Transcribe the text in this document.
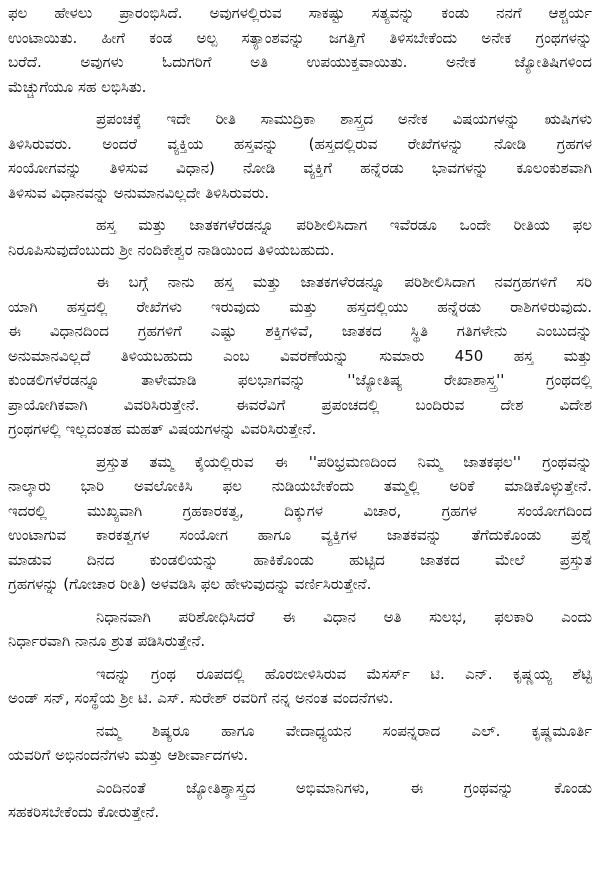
ಫಲ ಹೇಳಲು ಪ್ರಾರಂಭಿಸಿದೆ. ಅವುಗಳಲ್ಲಿರುವ ಸಾಕಷ್ಟು ಸತ್ಯವನ್ನು ಕಂಡು ನನಗೆ ಆಶ್ಚರ್ಯ
ಉಂಟಾಯಿತು. ಹೀಗೆ ಕಂಡ ಅಲ್ಪ ಸತ್ಯಾಂಶವನ್ನು ಜಗತ್ತಿಗೆ ತಿಳಿಸಬೇಕೆಂದು ಅನೇಕ ಗ್ರಂಥಗಳನ್ನು
ಬರೆದೆ. ಅವುಗಳು ಓದುಗರಿಗೆ ಅತಿ ಉಪಯುಕ್ತವಾಯಿತು. ಅನೇಕ ಜ್ಯೋತಿಷಿಗಳಿಂದ
ಮೆಚ್ಚುಗೆಯೂ ಸಹ ಲಭಿಸಿತು.
ಪ್ರಪಂಚಕ್ಕೆ ಇದೇ ರೀತಿ ಸಾಮುದ್ರಿಕಾ ಶಾಸ್ತ್ರದ ಅನೇಕ ವಿಷಯಗಳನ್ನು ಋಷಿಗಳು
ತಿಳಿಸಿರುವರು. ಅಂದರೆ ವ್ಯಕ್ತಿಯ ಹಸ್ತವನ್ನು (ಹಸ್ತದಲ್ಲಿರುವ ರೇಖೆಗಳನ್ನು ನೋಡಿ ಗ್ರಹಗಳ
ಸಂಯೋಗವನ್ನು ತಿಳಿಸುವ ವಿಧಾನ) ನೋಡಿ ವ್ಯಕ್ತಿಗೆ ಹನ್ನೆರಡು ಭಾವಗಳನ್ನು ಕೂಲಂಕುಶವಾಗಿ
ತಿಳಿಸುವ ವಿಧಾನವನ್ನು ಅನುಮಾನವಿಲ್ಲದೇ ತಿಳಿಸಿರುವರು.
ಹಸ್ತ ಮತ್ತು ಜಾತಕಗಳೆರಡನ್ನೂ ಪರಿಶೀಲಿಸಿದಾಗ ಇವೆರಡೂ ಒಂದೇ ರೀತಿಯ ಫಲ
ನಿರೂಪಿಸುವುದೆಂಬುದು ಶ್ರೀ ನಂದಿಕೇಶ್ವರ ನಾಡಿಯಿಂದ ತಿಳಿಯಬಹುದು.
ಈ ಬಗ್ಗೆ ನಾನು ಹಸ್ತ ಮತ್ತು ಜಾತಕಗಳೆರಡನ್ನೂ ಪರಿಶೀಲಿಸಿದಾಗ ನವಗ್ರಹಗಳಿಗೆ ಸರಿ
ಯಾಗಿ ಹಸ್ತದಲ್ಲಿ ರೇಖೆಗಳು ಇರುವುದು ಮತ್ತು ಹಸ್ತದಲ್ಲಿಯು ಹನ್ನೆರಡು ರಾಶಿಗಳಿರುವುದು.
ಈ ವಿಧಾನದಿಂದ ಗ್ರಹಗಳಿಗೆ ಎಷ್ಟು ಶಕ್ತಿಗಳಿವೆ, ಜಾತಕದ ಸ್ಥಿತಿ ಗತಿಗಳೇನು ಎಂಬುದನ್ನು
ಅನುಮಾನವಿಲ್ಲದೆ ತಿಳಿಯಬಹುದು ಎಂಬ ವಿವರಣೆಯನ್ನು ಸುಮಾರು 450 ಹಸ್ತ ಮತ್ತು
ಕುಂಡಲಿಗಳೆರಡನ್ನೂ ತಾಳೇಮಾಡಿ ಫಲಭಾಗವನ್ನು ''ಜ್ಯೋತಿಷ್ಯ ರೇಖಾಶಾಸ್ತ್ರ'' ಗ್ರಂಥದಲ್ಲಿ
ಪ್ರಾಯೋಗಿಕವಾಗಿ ವಿವರಿಸಿರುತ್ತೇನೆ. ಈವರೆವಿಗೆ ಪ್ರಪಂಚದಲ್ಲಿ ಬಂದಿರುವ ದೇಶ ವಿದೇಶ
ಗ್ರಂಥಗಳಲ್ಲಿ ಇಲ್ಲದಂತಹ ಮಹತ್ ವಿಷಯಗಳನ್ನು ವಿವರಿಸಿರುತ್ತೇನೆ.
ಪ್ರಸ್ತುತ ತಮ್ಮ ಕೈಯಲ್ಲಿರುವ ಈ ''ಪರಿಭ್ರಮಣದಿಂದ ನಿಮ್ಮ ಜಾತಕಫಲ'' ಗ್ರಂಥವನ್ನು
ನಾಲ್ಕಾರು ಭಾರಿ ಅವಲೋಕಿಸಿ ಫಲ ನುಡಿಯಬೇಕೆಂದು ತಮ್ಮಲ್ಲಿ ಅರಿಕೆ ಮಾಡಿಕೊಳ್ಳುತ್ತೇನೆ.
ಇದರಲ್ಲಿ ಮುಖ್ಯವಾಗಿ ಗ್ರಹಕಾರಕತ್ವ, ದಿಕ್ಕುಗಳ ವಿಚಾರ, ಗ್ರಹಗಳ ಸಂಯೋಗದಿಂದ
ಉಂಟಾಗುವ ಕಾರಕತ್ವಗಳ ಸಂಯೋಗ ಹಾಗೂ ವ್ಯಕ್ತಿಗಳ ಜಾತಕವನ್ನು ತೆಗೆದುಕೊಂಡು ಪ್ರಶ್ನೆ
ಮಾಡುವ ದಿನದ ಕುಂಡಲಿಯನ್ನು ಹಾಕಿಕೊಂಡು ಹುಟ್ಟಿದ ಜಾತಕದ ಮೇಲೆ ಪ್ರಸ್ತುತ
ಗ್ರಹಗಳನ್ನು (ಗೋಚಾರ ರೀತಿ) ಅಳವಡಿಸಿ ಫಲ ಹೇಳುವುದನ್ನು ವರ್ಣಿಸಿರುತ್ತೇನೆ.
ನಿಧಾನವಾಗಿ ಪರಿಶೋಧಿಸಿದರೆ ಈ ವಿಧಾನ ಅತಿ ಸುಲಭ, ಫಲಕಾರಿ ಎಂದು
ನಿರ್ಧಾರವಾಗಿ ನಾನೂ ಶ್ರುತ ಪಡಿಸಿರುತ್ತೇನೆ.
ಇದನ್ನು ಗ್ರಂಥ ರೂಪದಲ್ಲಿ ಹೊರಬೀಳಿಸಿರುವ ಮೆಸರ್ಸ್ ಟಿ. ಎನ್. ಕೃಷ್ಣಯ್ಯ ಶೆಟ್ಟಿ
ಅಂಡ್ ಸನ್, ಸಂಸ್ಥೆಯ ಶ್ರೀ ಟಿ. ಎಸ್. ಸುರೇಶ್ ರವರಿಗೆ ನನ್ನ ಅನಂತ ವಂದನೆಗಳು.
ನಮ್ಮ ಶಿಷ್ಯರೂ ಹಾಗೂ ವೇದಾಧ್ಯಯನ ಸಂಪನ್ನರಾದ ಎಲ್. ಕೃಷ್ಣಮೂರ್ತಿ
ಯವರಿಗೆ ಅಭಿನಂದನೆಗಳು ಮತ್ತು ಆಶೀರ್ವಾದಗಳು.
ಎಂದಿನಂತೆ ಜ್ಯೋತಿಶ್ಶಾಸ್ತ್ರದ ಅಭಿಮಾನಿಗಳು, ಈ ಗ್ರಂಥವನ್ನು ಕೊಂಡು
ಸಹಕರಿಸಬೇಕೆಂದು ಕೋರುತ್ತೇನೆ.
